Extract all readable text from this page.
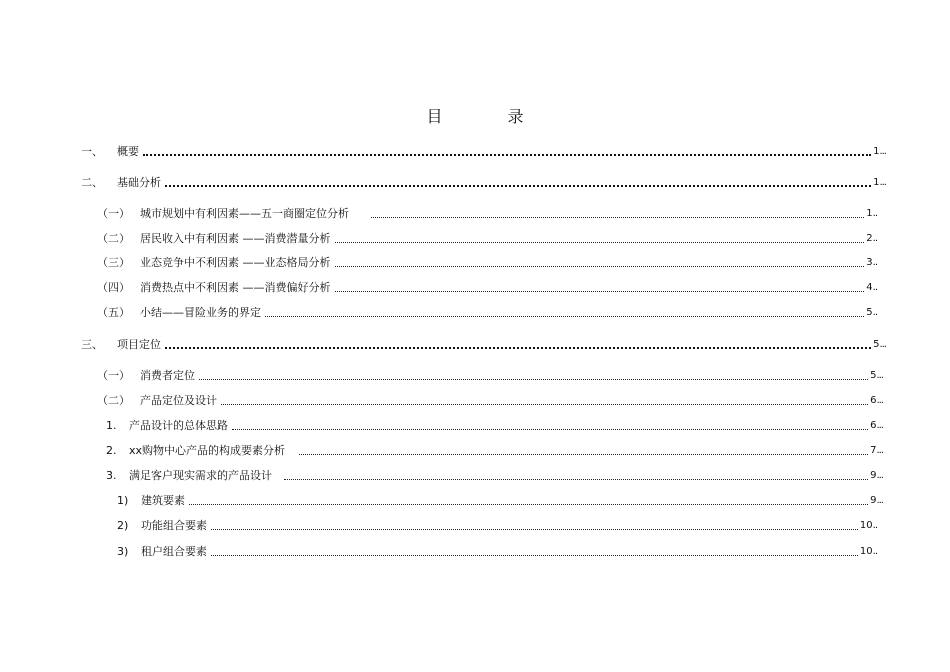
目 录
一、	概要	1 ...
二、	基础分析	1 ...
（一） 城市规划中有利因素——五一商圈定位分析	1 ..
（二） 居民收入中有利因素 ——消费潜量分析	2 ..
（三） 业态竞争中不利因素 ——业态格局分析	3 ..
（四） 消费热点中不利因素 ——消费偏好分析	4 ..
（五） 小结——冒险业务的界定	5 ..
三、	项目定位	5 ...
（一） 消费者定位	5 ...
（二） 产品定位及设计	6 ...
1.	产品设计的总体思路	6 ...
2.	xx购物中心产品的构成要素分析	7 ...
3.	满足客户现实需求的产品设计	9 ...
1)	建筑要素	9 ...
2)	功能组合要素	10 ..
3)	租户组合要素	10 ..
